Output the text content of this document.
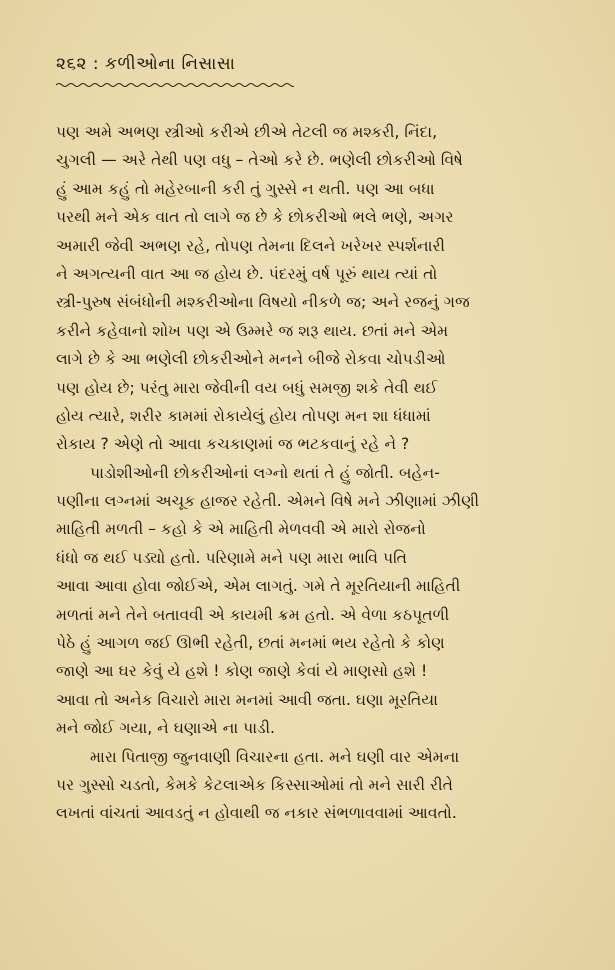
૨૬૨ : કળીઓના નિસાસા
પણ અમે અભણ સ્ત્રીઓ કરીએ છીએ તેટલી જ મશ્કરી, નિંદા,
ચુગલી — અરે તેથી પણ વધુ – તેઓ કરે છે. ભણેલી છોકરીઓ વિષે
હું આમ કહું તો મહેરબાની કરી તું ગુસ્સે ન થતી. પણ આ બધા
પરથી મને એક વાત તો લાગે જ છે કે છોકરીઓ ભલે ભણે, અગર
અમારી જેવી અભણ રહે, તોપણ તેમના દિલને ખરેખર સ્પર્શનારી
ને અગત્યની વાત આ જ હોય છે. પંદરમું વર્ષ પૂરું થાય ત્યાં તો
સ્ત્રી-પુરુષ સંબંધોની મશ્કરીઓના વિષયો નીકળે જ; અને રજનું ગજ
કરીને કહેવાનો શોખ પણ એ ઉમ્મરે જ શરૂ થાય. છતાં મને એમ
લાગે છે કે આ ભણેલી છોકરીઓને મનને બીજે રોકવા ચોપડીઓ
પણ હોય છે; પરંતુ મારા જેવીની વય બધું સમજી શકે તેવી થઈ
હોય ત્યારે, શરીર કામમાં રોકાયેલું હોય તોપણ મન શા ધંધામાં
રોકાય ? એણે તો આવા કચકાણમાં જ ભટકવાનું રહે ને ?
પાડોશીઓની છોકરીઓનાં લગ્નો થતાં તે હું જોતી. બહેન-
પણીના લગ્નમાં અચૂક હાજર રહેતી. એમને વિષે મને ઝીણામાં ઝીણી
માહિતી મળતી – કહો કે એ માહિતી મેળવવી એ મારો રોજનો
ધંધો જ થઈ પડ્યો હતો. પરિણામે મને પણ મારા ભાવિ પતિ
આવા આવા હોવા જોઈએ, એમ લાગતું. ગમે તે મૂરતિયાની માહિતી
મળતાં મને તેને બતાવવી એ કાયમી ક્રમ હતો. એ વેળા કઠપૂતળી
પેઠે હું આગળ જઈ ઊભી રહેતી, છતાં મનમાં ભય રહેતો કે કોણ
જાણે આ ઘર કેવું યે હશે ! કોણ જાણે કેવાં યે માણસો હશે !
આવા તો અનેક વિચારો મારા મનમાં આવી જતા. ઘણા મૂરતિયા
મને જોઈ ગયા, ને ઘણાએ ના પાડી.
મારા પિતાજી જુનવાણી વિચારના હતા. મને ઘણી વાર એમના
પર ગુસ્સો ચડતો, કેમકે કેટલાએક કિસ્સાઓમાં તો મને સારી રીતે
લખતાં વાંચતાં આવડતું ન હોવાથી જ નકાર સંભળાવવામાં આવતો.
